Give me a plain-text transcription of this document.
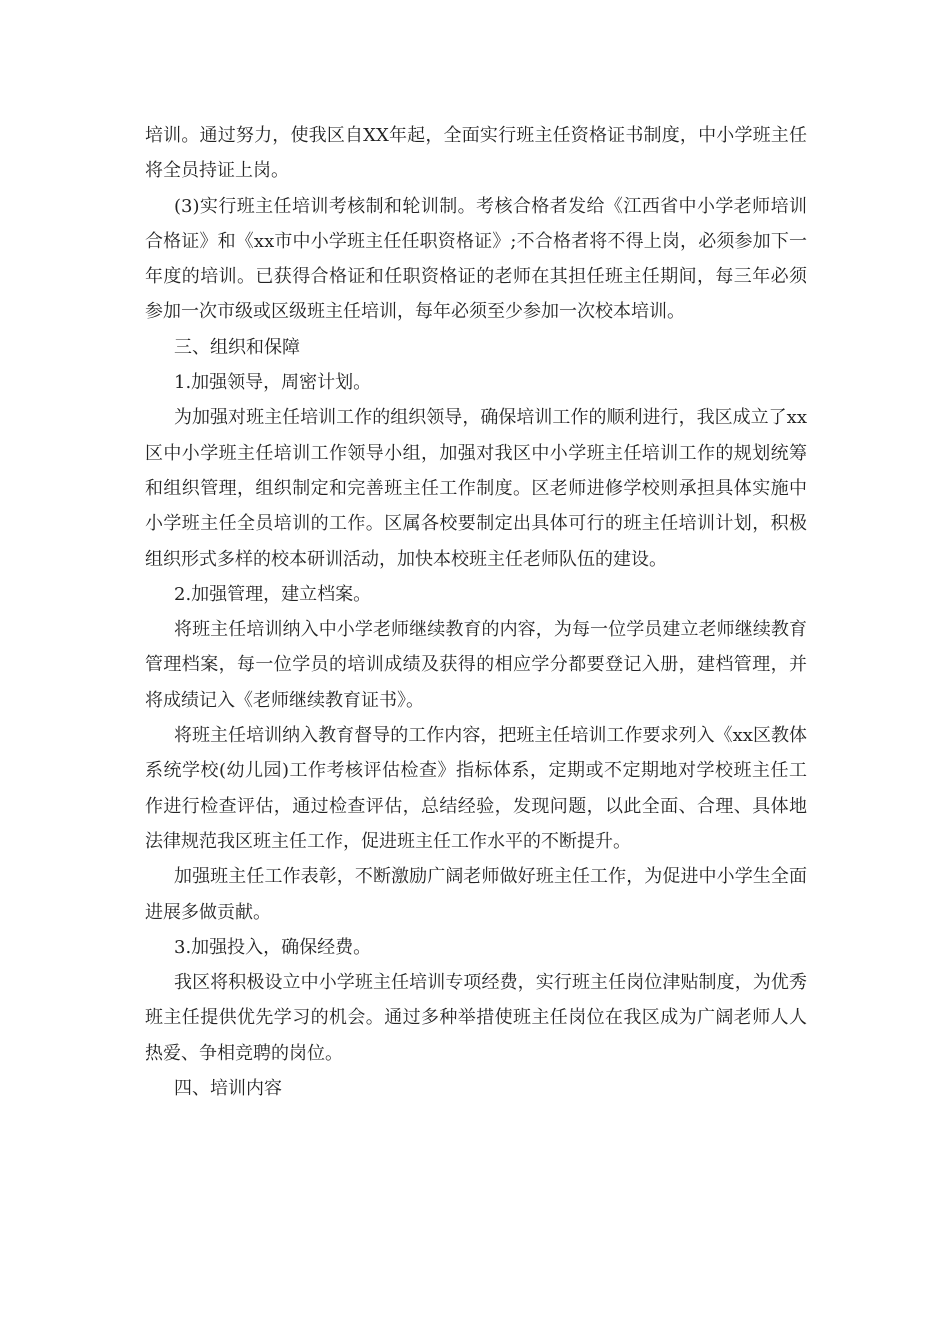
培训。通过努力，使我区自XX年起，全面实行班主任资格证书制度，中小学班主任将全员持证上岗。

(3)实行班主任培训考核制和轮训制。考核合格者发给《江西省中小学老师培训合格证》和《xx市中小学班主任任职资格证》;不合格者将不得上岗，必须参加下一年度的培训。已获得合格证和任职资格证的老师在其担任班主任期间，每三年必须参加一次市级或区级班主任培训，每年必须至少参加一次校本培训。

三、组织和保障

1.加强领导，周密计划。

为加强对班主任培训工作的组织领导，确保培训工作的顺利进行，我区成立了xx区中小学班主任培训工作领导小组，加强对我区中小学班主任培训工作的规划统筹和组织管理，组织制定和完善班主任工作制度。区老师进修学校则承担具体实施中小学班主任全员培训的工作。区属各校要制定出具体可行的班主任培训计划，积极组织形式多样的校本研训活动，加快本校班主任老师队伍的建设。

2.加强管理，建立档案。

将班主任培训纳入中小学老师继续教育的内容，为每一位学员建立老师继续教育管理档案，每一位学员的培训成绩及获得的相应学分都要登记入册，建档管理，并将成绩记入《老师继续教育证书》。

将班主任培训纳入教育督导的工作内容，把班主任培训工作要求列入《xx区教体系统学校(幼儿园)工作考核评估检查》指标体系，定期或不定期地对学校班主任工作进行检查评估，通过检查评估，总结经验，发现问题，以此全面、合理、具体地法律规范我区班主任工作，促进班主任工作水平的不断提升。

加强班主任工作表彰，不断激励广阔老师做好班主任工作，为促进中小学生全面进展多做贡献。

3.加强投入，确保经费。

我区将积极设立中小学班主任培训专项经费，实行班主任岗位津贴制度，为优秀班主任提供优先学习的机会。通过多种举措使班主任岗位在我区成为广阔老师人人热爱、争相竞聘的岗位。

四、培训内容
